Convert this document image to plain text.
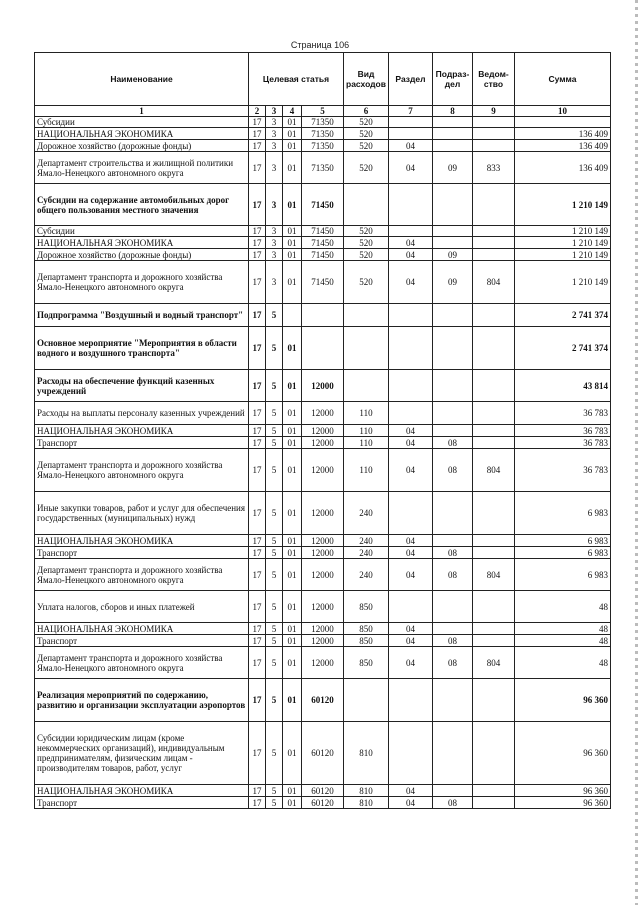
Страница 106
Наименование	Целевая статья				Вид расходов	Раздел	Подраз-дел	Ведом-ство	Сумма
1	2	3	4	5	6	7	8	9	10
Субсидии	17	3	01	71350	520				
НАЦИОНАЛЬНАЯ ЭКОНОМИКА	17	3	01	71350	520				136 409
Дорожное хозяйство (дорожные фонды)	17	3	01	71350	520	04			136 409
Департамент строительства и жилищной политики Ямало-Ненецкого автономного округа	17	3	01	71350	520	04	09	833	136 409
Субсидии на содержание автомобильных дорог общего пользования местного значения	17	3	01	71450					1 210 149
Субсидии	17	3	01	71450	520				1 210 149
НАЦИОНАЛЬНАЯ ЭКОНОМИКА	17	3	01	71450	520	04			1 210 149
Дорожное хозяйство (дорожные фонды)	17	3	01	71450	520	04	09		1 210 149
Департамент транспорта и дорожного хозяйства Ямало-Ненецкого автономного округа	17	3	01	71450	520	04	09	804	1 210 149
Подпрограмма "Воздушный и водный транспорт"	17	5							2 741 374
Основное мероприятие "Мероприятия в области водного и воздушного транспорта"	17	5	01						2 741 374
Расходы на обеспечение функций казенных учреждений	17	5	01	12000					43 814
Расходы на выплаты персоналу казенных учреждений	17	5	01	12000	110				36 783
НАЦИОНАЛЬНАЯ ЭКОНОМИКА	17	5	01	12000	110	04			36 783
Транспорт	17	5	01	12000	110	04	08		36 783
Департамент транспорта и дорожного хозяйства Ямало-Ненецкого автономного округа	17	5	01	12000	110	04	08	804	36 783
Иные закупки товаров, работ и услуг для обеспечения государственных (муниципальных) нужд	17	5	01	12000	240				6 983
НАЦИОНАЛЬНАЯ ЭКОНОМИКА	17	5	01	12000	240	04			6 983
Транспорт	17	5	01	12000	240	04	08		6 983
Департамент транспорта и дорожного хозяйства Ямало-Ненецкого автономного округа	17	5	01	12000	240	04	08	804	6 983
Уплата налогов, сборов и иных платежей	17	5	01	12000	850				48
НАЦИОНАЛЬНАЯ ЭКОНОМИКА	17	5	01	12000	850	04			48
Транспорт	17	5	01	12000	850	04	08		48
Департамент транспорта и дорожного хозяйства Ямало-Ненецкого автономного округа	17	5	01	12000	850	04	08	804	48
Реализация мероприятий по содержанию, развитию и организации эксплуатации аэропортов	17	5	01	60120					96 360
Субсидии юридическим лицам (кроме некоммерческих организаций), индивидуальным предпринимателям, физическим лицам - производителям товаров, работ, услуг	17	5	01	60120	810				96 360
НАЦИОНАЛЬНАЯ ЭКОНОМИКА	17	5	01	60120	810	04			96 360
Транспорт	17	5	01	60120	810	04	08		96 360
